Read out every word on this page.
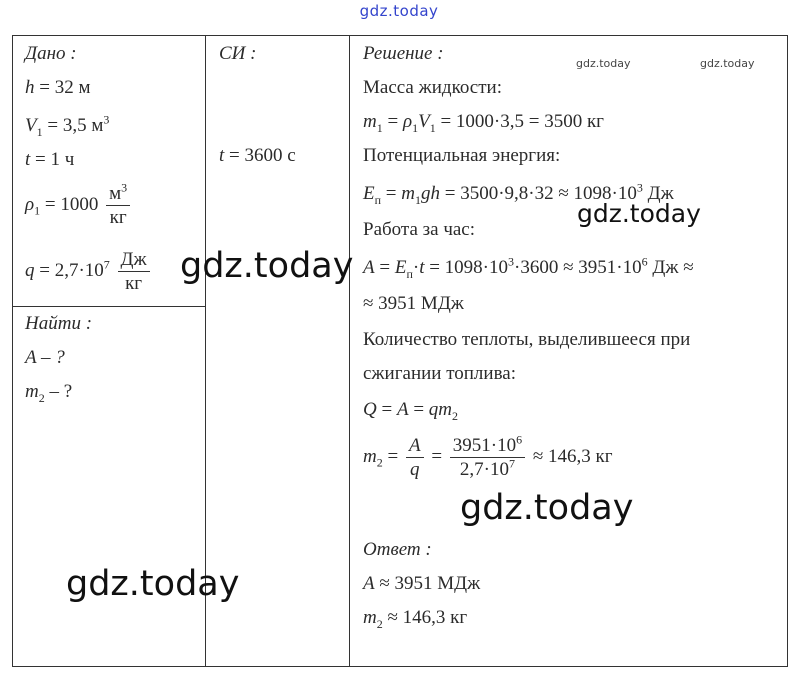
gdz.today
Дано :
h = 32 м
$V_1 = 3,5$ $м^3$
t = 1 ч
$\rho_1 = 1000 \frac{м^3}{кг}$
$q = 2,7\cdot 10^7 \frac{Дж}{кг}$
Найти :
A – ?
$m_2$ – ?
СИ :
t = 3600 с
Решение :
Масса жидкости:
$m_1 = \rho_1V_1 = 1000\cdot 3,5 = 3500$ кг
Потенциальная энергия:
$E_п = m_1gh = 3500\cdot 9,8\cdot 32 \approx 1098\cdot 10^3$ Дж
Работа за час:
$A = E_п\cdot t = 1098\cdot 10^3\cdot 3600 \approx 3951\cdot 10^6$ Дж ≈
≈ 3951 МДж
Количество теплоты, выделившееся при
сжигании топлива:
$Q = A = qm_2$
$m_2 = \frac{A}{q} = \frac{3951\cdot 10^6}{2,7\cdot 10^7} \approx 146,3$ кг
Ответ :
A ≈ 3951 МДж
$m_2 \approx 146,3$ кг
gdz.today	gdz.today
gdz.today
gdz.today
gdz.today
gdz.today
